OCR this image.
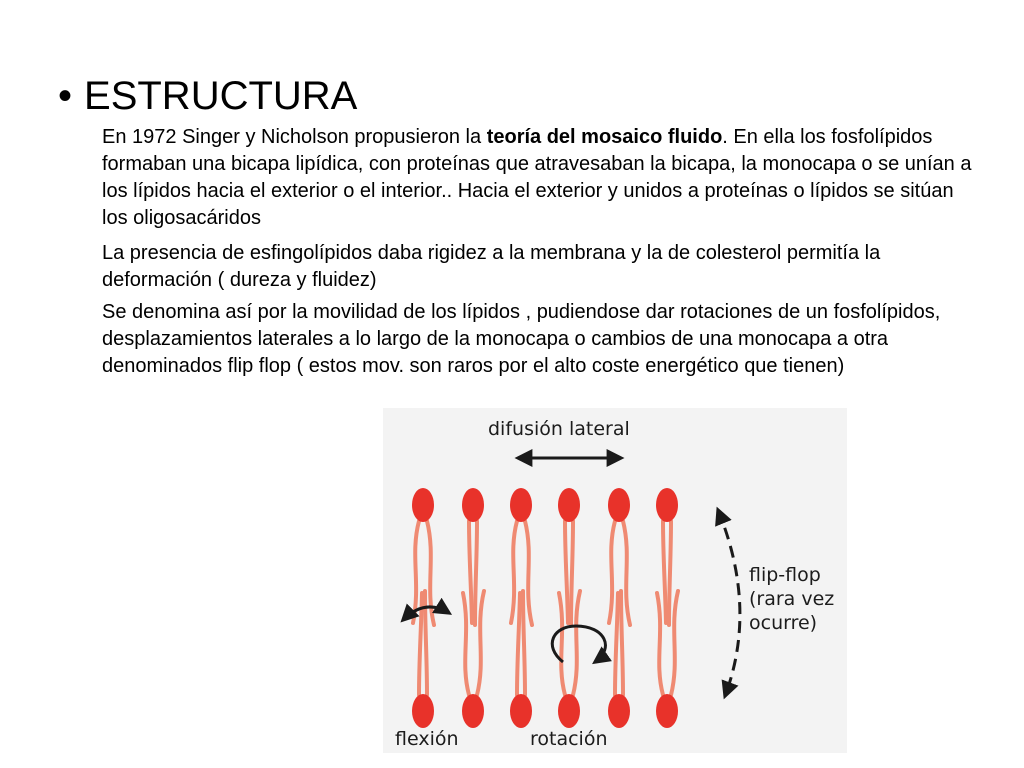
• ESTRUCTURA
En 1972 Singer y Nicholson propusieron la teoría del mosaico fluido. En ella los fosfolípidos formaban una bicapa lipídica, con proteínas que atravesaban la bicapa, la monocapa o se unían a los lípidos hacia el exterior o el interior.. Hacia el exterior y unidos a proteínas o lípidos se sitúan los oligosacáridos
La presencia de esfingolípidos daba rigidez a la membrana y la de colesterol permitía la deformación ( dureza y fluidez)
Se denomina así por la movilidad de los lípidos , pudiendose dar rotaciones de un fosfolípidos, desplazamientos laterales a lo largo de la monocapa o cambios de una monocapa a otra denominados flip flop ( estos mov. son raros por el alto coste energético que tienen)
difusión lateral
flip-flop
(rara vez
ocurre)
flexión	rotación
